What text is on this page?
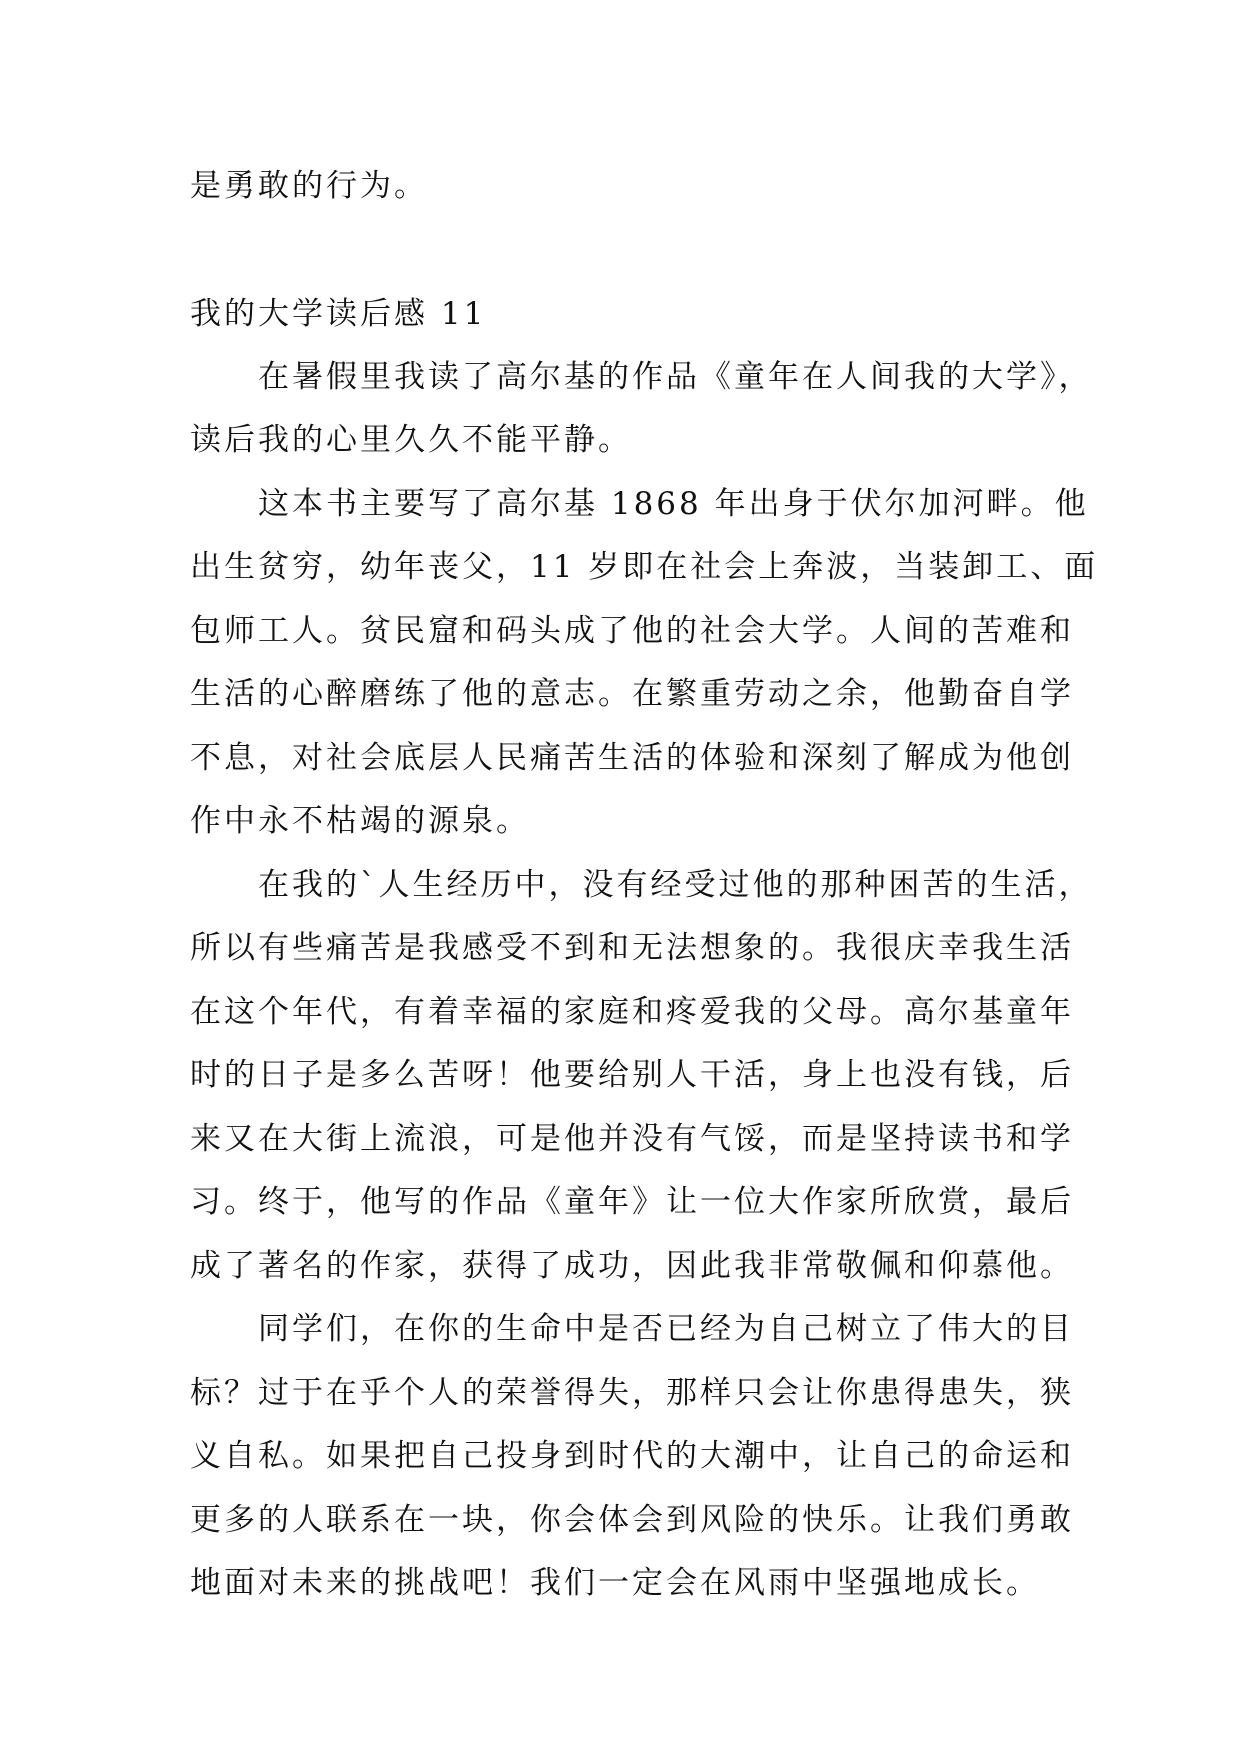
是勇敢的行为。
我的大学读后感 11
在暑假里我读了高尔基的作品《童年在人间我的大学》，
读后我的心里久久不能平静。
这本书主要写了高尔基 1868 年出身于伏尔加河畔。他
出生贫穷，幼年丧父，11 岁即在社会上奔波，当装卸工、面
包师工人。贫民窟和码头成了他的社会大学。人间的苦难和
生活的心醉磨练了他的意志。在繁重劳动之余，他勤奋自学
不息，对社会底层人民痛苦生活的体验和深刻了解成为他创
作中永不枯竭的源泉。
在我的`人生经历中，没有经受过他的那种困苦的生活，
所以有些痛苦是我感受不到和无法想象的。我很庆幸我生活
在这个年代，有着幸福的家庭和疼爱我的父母。高尔基童年
时的日子是多么苦呀！他要给别人干活，身上也没有钱，后
来又在大街上流浪，可是他并没有气馁，而是坚持读书和学
习。终于，他写的作品《童年》让一位大作家所欣赏，最后
成了著名的作家，获得了成功，因此我非常敬佩和仰慕他。
同学们，在你的生命中是否已经为自己树立了伟大的目
标？过于在乎个人的荣誉得失，那样只会让你患得患失，狭
义自私。如果把自己投身到时代的大潮中，让自己的命运和
更多的人联系在一块，你会体会到风险的快乐。让我们勇敢
地面对未来的挑战吧！我们一定会在风雨中坚强地成长。
